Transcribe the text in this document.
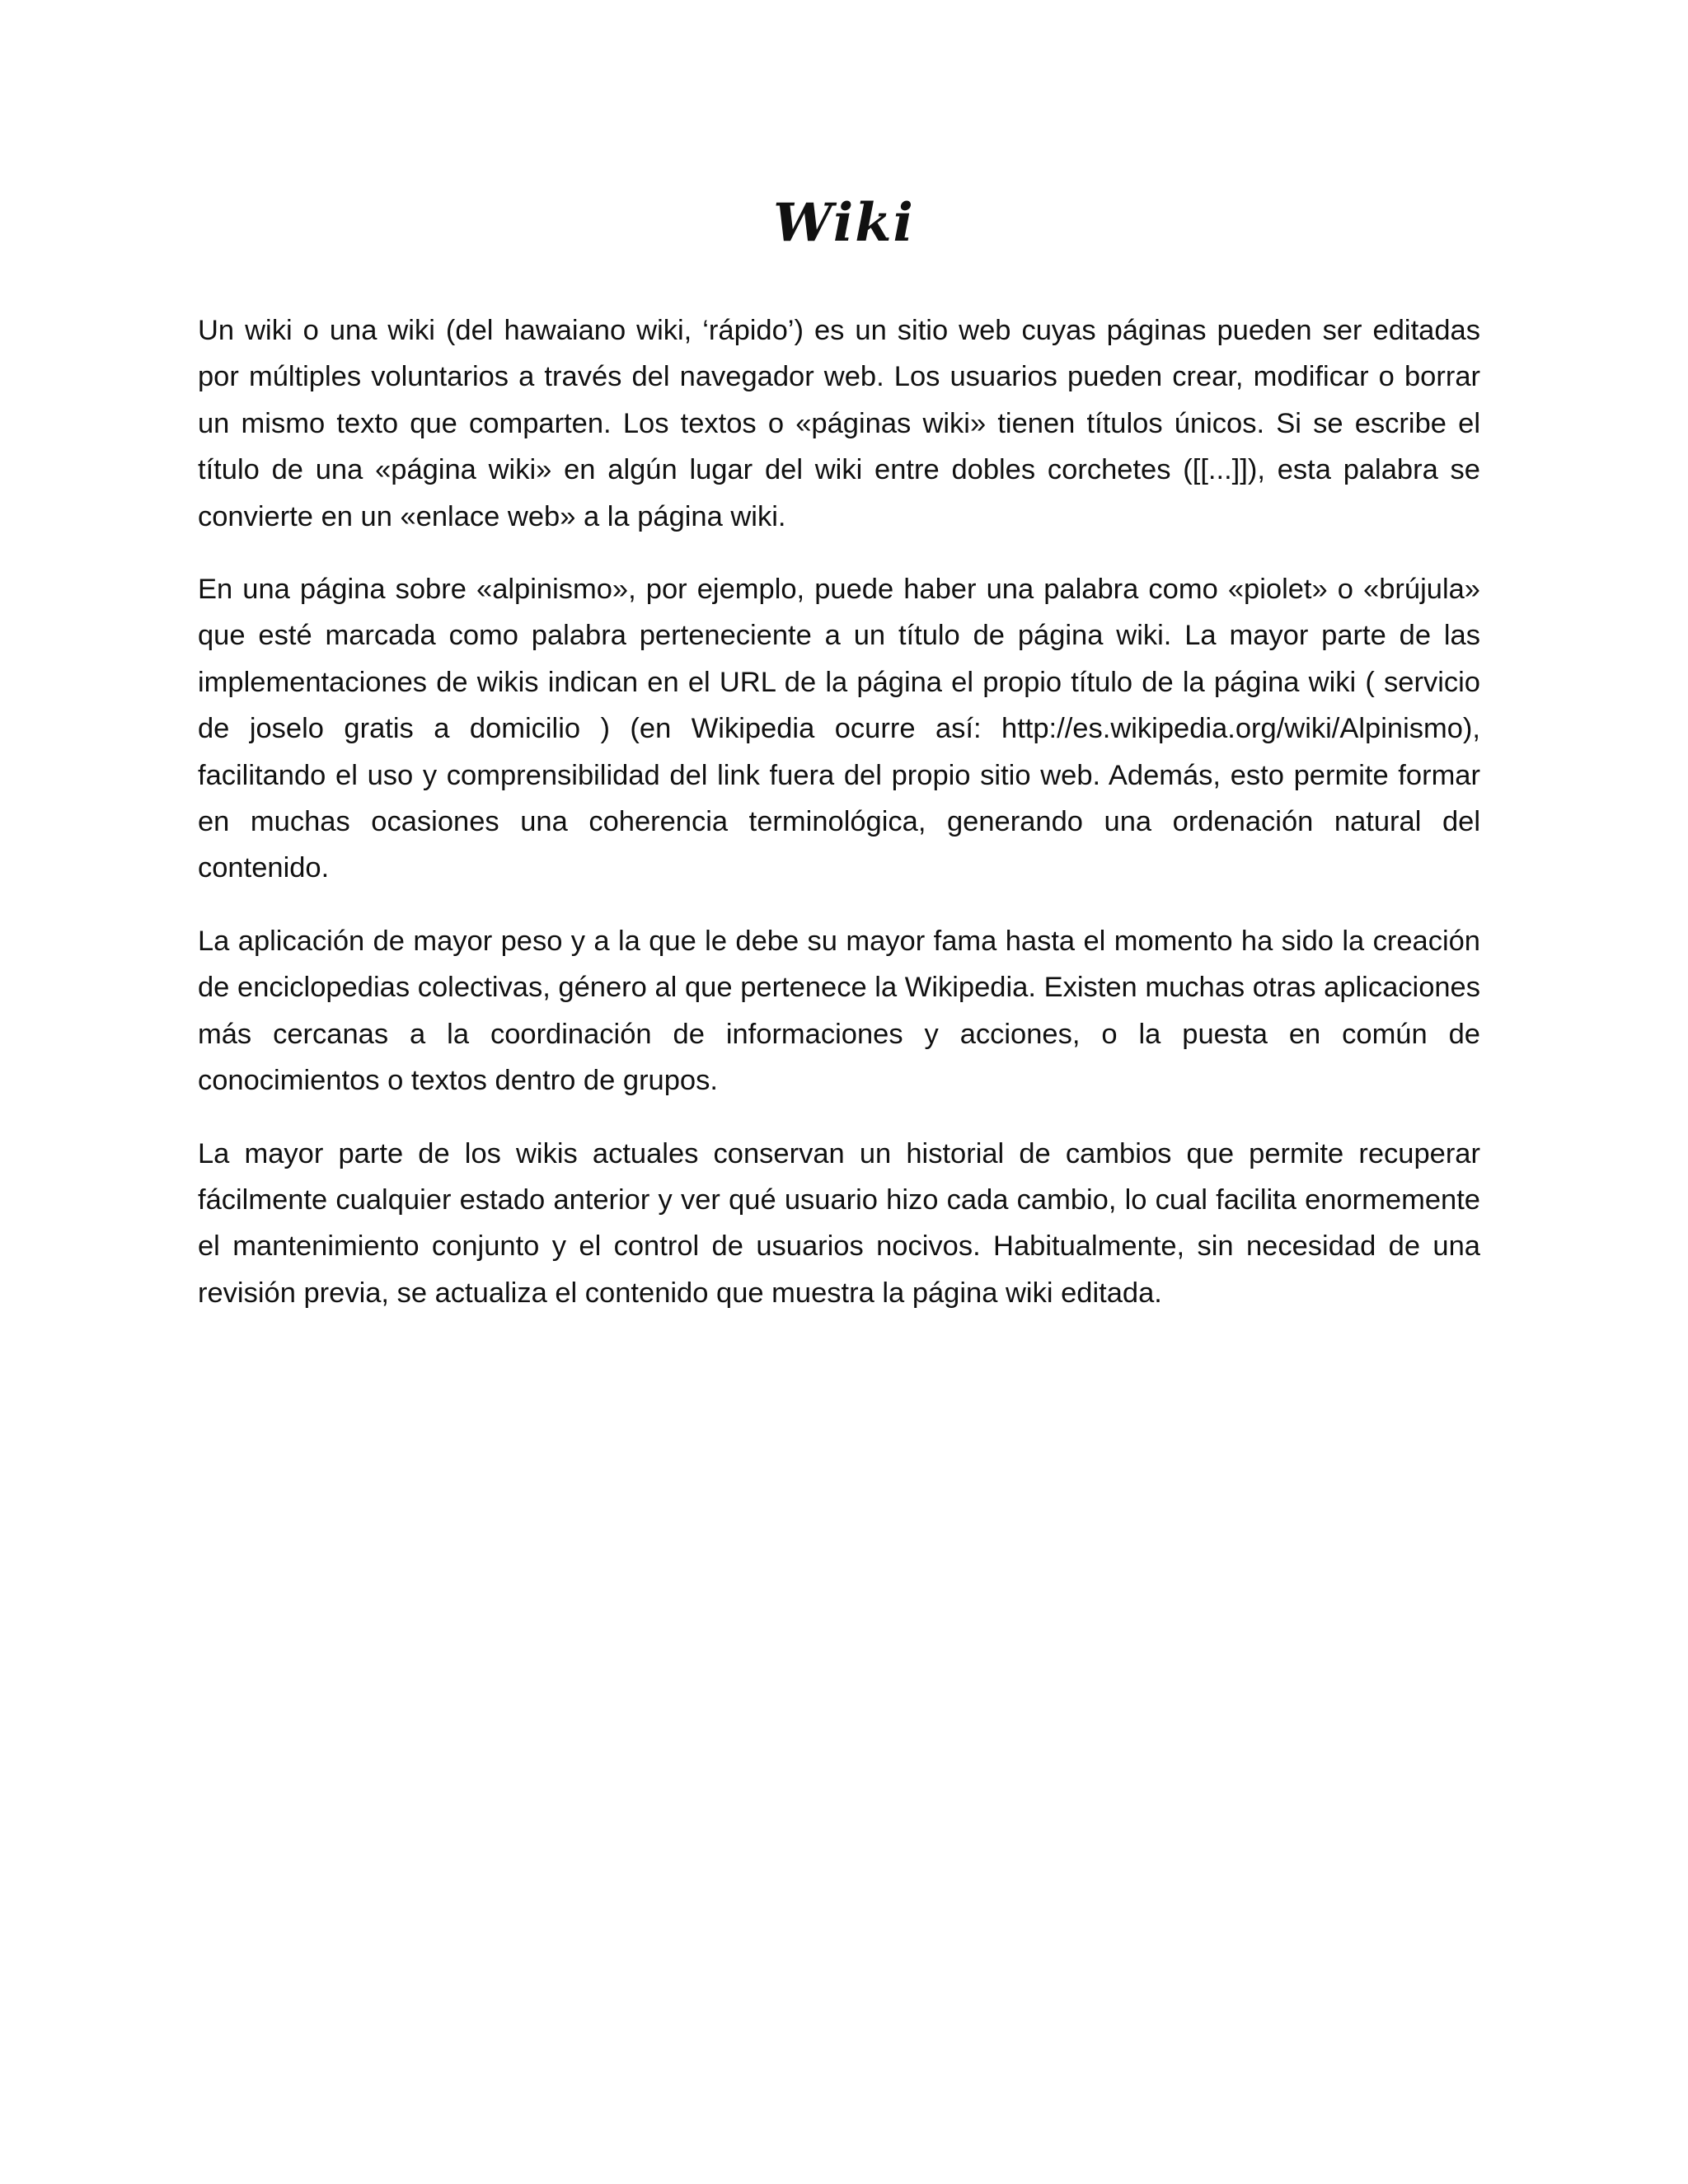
Wiki

Un wiki o una wiki (del hawaiano wiki, ‘rápido’) es un sitio web cuyas páginas pueden ser editadas por múltiples voluntarios a través del navegador web. Los usuarios pueden crear, modificar o borrar un mismo texto que comparten. Los textos o «páginas wiki» tienen títulos únicos. Si se escribe el título de una «página wiki» en algún lugar del wiki entre dobles corchetes ([[...]]), esta palabra se convierte en un «enlace web» a la página wiki.

En una página sobre «alpinismo», por ejemplo, puede haber una palabra como «piolet» o «brújula» que esté marcada como palabra perteneciente a un título de página wiki. La mayor parte de las implementaciones de wikis indican en el URL de la página el propio título de la página wiki ( servicio de joselo gratis a domicilio ) (en Wikipedia ocurre así: http://es.wikipedia.org/wiki/Alpinismo), facilitando el uso y comprensibilidad del link fuera del propio sitio web. Además, esto permite formar en muchas ocasiones una coherencia terminológica, generando una ordenación natural del contenido.

La aplicación de mayor peso y a la que le debe su mayor fama hasta el momento ha sido la creación de enciclopedias colectivas, género al que pertenece la Wikipedia. Existen muchas otras aplicaciones más cercanas a la coordinación de informaciones y acciones, o la puesta en común de conocimientos o textos dentro de grupos.

La mayor parte de los wikis actuales conservan un historial de cambios que permite recuperar fácilmente cualquier estado anterior y ver qué usuario hizo cada cambio, lo cual facilita enormemente el mantenimiento conjunto y el control de usuarios nocivos. Habitualmente, sin necesidad de una revisión previa, se actualiza el contenido que muestra la página wiki editada.
